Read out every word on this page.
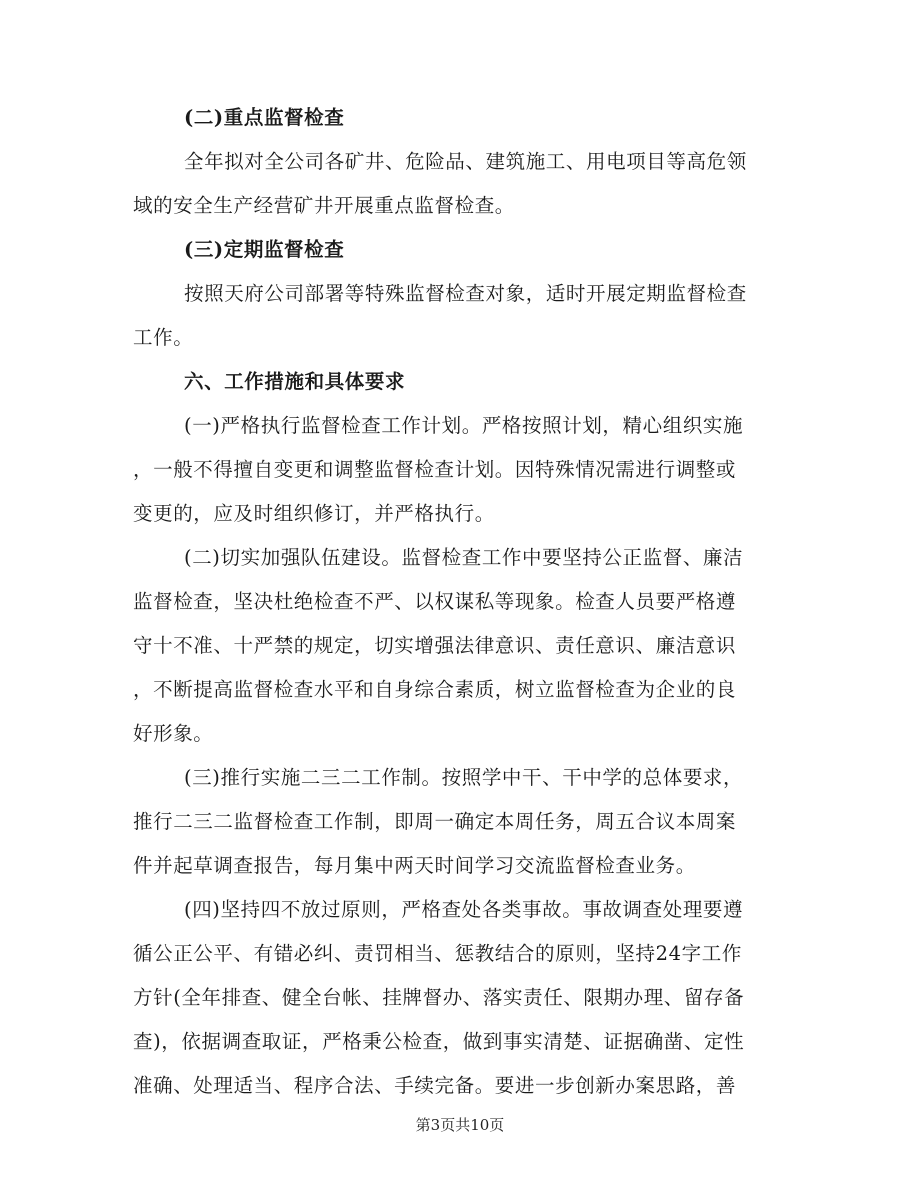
(二)重点监督检查
全年拟对全公司各矿井、危险品、建筑施工、用电项目等高危领
域的安全生产经营矿井开展重点监督检查。
(三)定期监督检查
按照天府公司部署等特殊监督检查对象，适时开展定期监督检查
工作。
六、工作措施和具体要求
(一)严格执行监督检查工作计划。严格按照计划，精心组织实施
，一般不得擅自变更和调整监督检查计划。因特殊情况需进行调整或
变更的，应及时组织修订，并严格执行。
(二)切实加强队伍建设。监督检查工作中要坚持公正监督、廉洁
监督检查，坚决杜绝检查不严、以权谋私等现象。检查人员要严格遵
守十不准、十严禁的规定，切实增强法律意识、责任意识、廉洁意识
，不断提高监督检查水平和自身综合素质，树立监督检查为企业的良
好形象。
(三)推行实施二三二工作制。按照学中干、干中学的总体要求，
推行二三二监督检查工作制，即周一确定本周任务，周五合议本周案
件并起草调查报告，每月集中两天时间学习交流监督检查业务。
(四)坚持四不放过原则，严格查处各类事故。事故调查处理要遵
循公正公平、有错必纠、责罚相当、惩教结合的原则，坚持24字工作
方针(全年排查、健全台帐、挂牌督办、落实责任、限期办理、留存备
查)，依据调查取证，严格秉公检查，做到事实清楚、证据确凿、定性
准确、处理适当、程序合法、手续完备。要进一步创新办案思路，善
第3页共10页
